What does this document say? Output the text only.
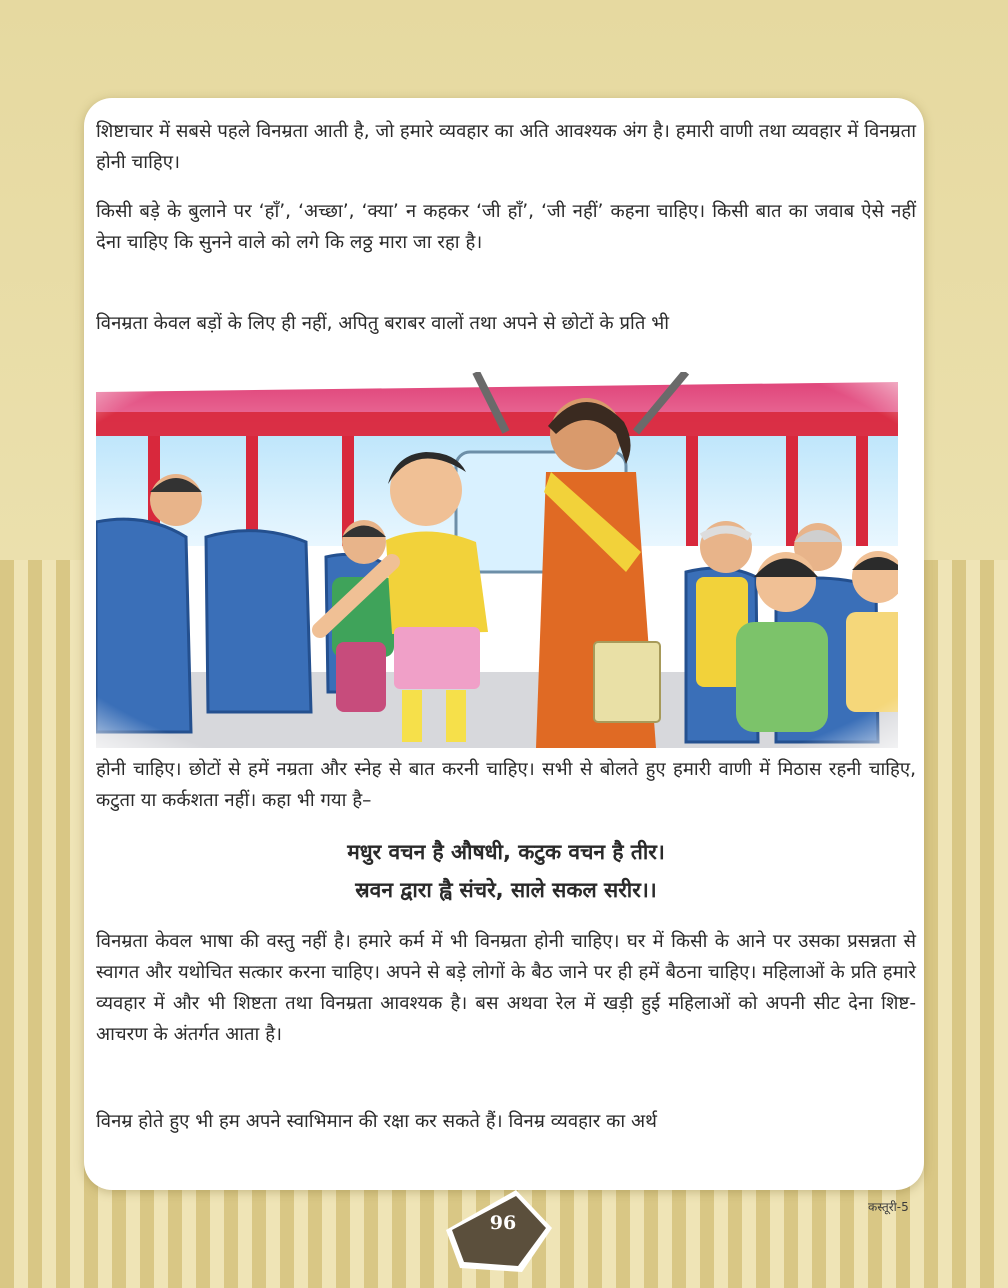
शिष्टाचार में सबसे पहले विनम्रता आती है, जो हमारे व्यवहार का अति आवश्यक अंग है। हमारी वाणी तथा व्यवहार में विनम्रता होनी चाहिए।

किसी बड़े के बुलाने पर ‘हाँ’, ‘अच्छा’, ‘क्या’ न कहकर ‘जी हाँ’, ‘जी नहीं’ कहना चाहिए। किसी बात का जवाब ऐसे नहीं देना चाहिए कि सुनने वाले को लगे कि लठ्ठ मारा जा रहा है।

विनम्रता केवल बड़ों के लिए ही नहीं, अपितु बराबर वालों तथा अपने से छोटों के प्रति भी

होनी चाहिए। छोटों से हमें नम्रता और स्नेह से बात करनी चाहिए। सभी से बोलते हुए हमारी वाणी में मिठास रहनी चाहिए, कटुता या कर्कशता नहीं। कहा भी गया है–

मधुर वचन है औषधी, कटुक वचन है तीर।
स्रवन द्वारा ह्वै संचरे, साले सकल सरीर।।

विनम्रता केवल भाषा की वस्तु नहीं है। हमारे कर्म में भी विनम्रता होनी चाहिए। घर में किसी के आने पर उसका प्रसन्नता से स्वागत और यथोचित सत्कार करना चाहिए। अपने से बड़े लोगों के बैठ जाने पर ही हमें बैठना चाहिए। महिलाओं के प्रति हमारे व्यवहार में और भी शिष्टता तथा विनम्रता आवश्यक है। बस अथवा रेल में खड़ी हुई महिलाओं को अपनी सीट देना शिष्ट-आचरण के अंतर्गत आता है।

विनम्र होते हुए भी हम अपने स्वाभिमान की रक्षा कर सकते हैं। विनम्र व्यवहार का अर्थ

96
कस्तूरी-5
